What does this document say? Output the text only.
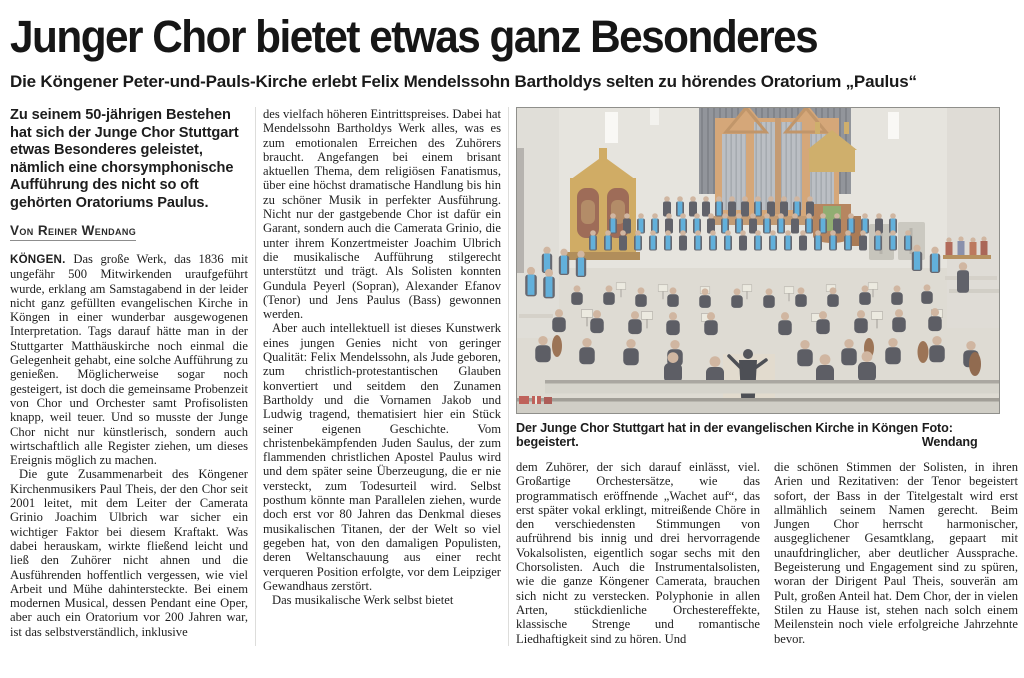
Junger Chor bietet etwas ganz Besonderes
Die Köngener Peter-und-Pauls-Kirche erlebt Felix Mendelssohn Bartholdys selten zu hörendes Oratorium „Paulus“

Zu seinem 50-jährigen Bestehen hat sich der Junge Chor Stuttgart etwas Besonderes geleistet, nämlich eine chorsymphonische Aufführung des nicht so oft gehörten Oratoriums Paulus.

Von Reiner Wendang

KÖNGEN. Das große Werk, das 1836 mit ungefähr 500 Mitwirkenden uraufgeführt wurde, erklang am Samstagabend in der leider nicht ganz gefüllten evangelischen Kirche in Köngen in einer wunderbar ausgewogenen Interpretation. Tags darauf hätte man in der Stuttgarter Matthäuskirche noch einmal die Gelegenheit gehabt, eine solche Aufführung zu genießen. Möglicherweise sogar noch gesteigert, ist doch die gemeinsame Probenzeit von Chor und Orchester samt Profisolisten knapp, weil teuer. Und so musste der Junge Chor nicht nur künstlerisch, sondern auch wirtschaftlich alle Register ziehen, um dieses Ereignis möglich zu machen.

Die gute Zusammenarbeit des Köngener Kirchenmusikers Paul Theis, der den Chor seit 2001 leitet, mit dem Leiter der Camerata Grinio Joachim Ulbrich war sicher ein wichtiger Faktor bei diesem Kraftakt. Was dabei herauskam, wirkte fließend leicht und ließ den Zuhörer nicht ahnen und die Ausführenden hoffentlich vergessen, wie viel Arbeit und Mühe dahintersteckte. Bei einem modernen Musical, dessen Pendant eine Oper, aber auch ein Oratorium vor 200 Jahren war, ist das selbstverständlich, inklusive

des vielfach höheren Eintrittspreises. Dabei hat Mendelssohn Bartholdys Werk alles, was es zum emotionalen Erreichen des Zuhörers braucht. Angefangen bei einem brisant aktuellen Thema, dem religiösen Fanatismus, über eine höchst dramatische Handlung bis hin zu schöner Musik in perfekter Ausführung. Nicht nur der gastgebende Chor ist dafür ein Garant, sondern auch die Camerata Grinio, die unter ihrem Konzertmeister Joachim Ulbrich die musikalische Aufführung stilgerecht unterstützt und trägt. Als Solisten konnten Gundula Peyerl (Sopran), Alexander Efanov (Tenor) und Jens Paulus (Bass) gewonnen werden.

Aber auch intellektuell ist dieses Kunstwerk eines jungen Genies nicht von geringer Qualität: Felix Mendelssohn, als Jude geboren, zum christlich-protestantischen Glauben konvertiert und seitdem den Zunamen Bartholdy und die Vornamen Jakob und Ludwig tragend, thematisiert hier ein Stück seiner eigenen Geschichte. Vom christenbekämpfenden Juden Saulus, der zum flammenden christlichen Apostel Paulus wird und dem später seine Überzeugung, die er nie versteckt, zum Todesurteil wird. Selbst posthum könnte man Parallelen ziehen, wurde doch erst vor 80 Jahren das Denkmal dieses musikalischen Titanen, der der Welt so viel gegeben hat, von den damaligen Populisten, deren Weltanschauung aus einer recht verqueren Position erfolgte, vor dem Leipziger Gewandhaus zerstört.

Das musikalische Werk selbst bietet

Der Junge Chor Stuttgart hat in der evangelischen Kirche in Köngen begeistert.
Foto: Wendang

dem Zuhörer, der sich darauf einlässt, viel. Großartige Orchestersätze, wie das programmatisch eröffnende „Wachet auf“, das erst später vokal erklingt, mitreißende Chöre in den verschiedensten Stimmungen von aufrührend bis innig und drei hervorragende Vokalsolisten, eigentlich sogar sechs mit den Chorsolisten. Auch die Instrumentalsolisten, wie die ganze Köngener Camerata, brauchen sich nicht zu verstecken. Polyphonie in allen Arten, stückdienliche Orchestereffekte, klassische Strenge und romantische Liedhaftigkeit sind zu hören. Und

die schönen Stimmen der Solisten, in ihren Arien und Rezitativen: der Tenor begeistert sofort, der Bass in der Titelgestalt wird erst allmählich seinem Namen gerecht. Beim Jungen Chor herrscht harmonischer, ausgeglichener Gesamtklang, gepaart mit unaufdringlicher, aber deutlicher Aussprache. Begeisterung und Engagement sind zu spüren, woran der Dirigent Paul Theis, souverän am Pult, großen Anteil hat. Dem Chor, der in vielen Stilen zu Hause ist, stehen nach solch einem Meilenstein noch viele erfolgreiche Jahrzehnte bevor.
